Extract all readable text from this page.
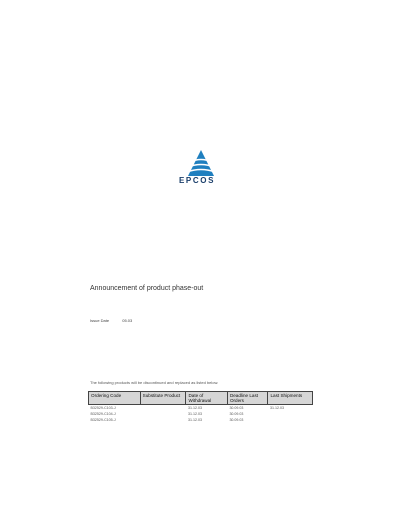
EPCOS
Announcement of product phase-out
Issue Date	05.03
The following products will be discontinued and replaced as listed below.
Ordering Code	Substitute Product	Date of Withdrawal	Deadline Last Orders	Last Shipments
B32529-C103-J		31.12.03	30.09.03	31.12.03
B32529-C104-J		31.12.03	30.09.03	
B32529-C105-J		31.12.03	30.09.03	
